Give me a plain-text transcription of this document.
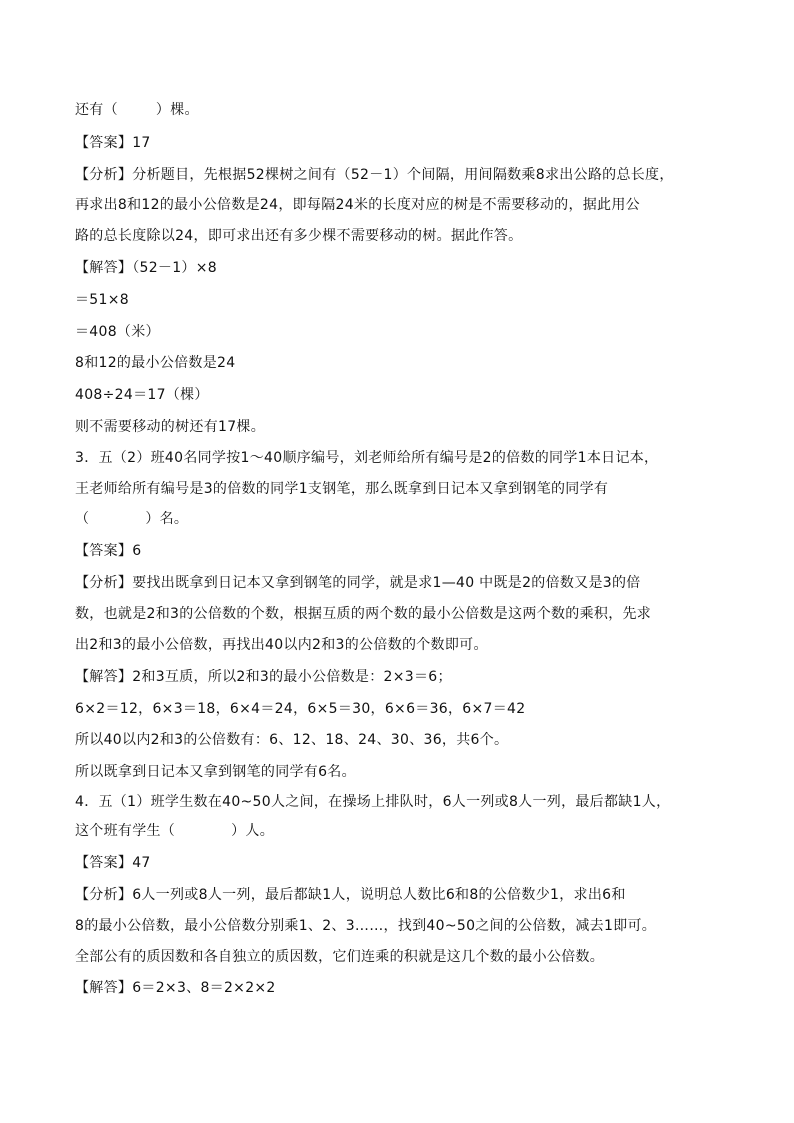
还有（	）棵。
【答案】17
【分析】分析题目，先根据52棵树之间有（52－1）个间隔，用间隔数乘8求出公路的总长度，
再求出8和12的最小公倍数是24，即每隔24米的长度对应的树是不需要移动的，据此用公
路的总长度除以24，即可求出还有多少棵不需要移动的树。据此作答。
【解答】（52－1）×8
＝51×8
＝408（米）
8和12的最小公倍数是24
408÷24＝17（棵）
则不需要移动的树还有17棵。
3．五（2）班40名同学按1～40顺序编号，刘老师给所有编号是2的倍数的同学1本日记本，
王老师给所有编号是3的倍数的同学1支钢笔，那么既拿到日记本又拿到钢笔的同学有
（	）名。
【答案】6
【分析】要找出既拿到日记本又拿到钢笔的同学，就是求1—40 中既是2的倍数又是3的倍
数，也就是2和3的公倍数的个数，根据互质的两个数的最小公倍数是这两个数的乘积，先求
出2和3的最小公倍数，再找出40以内2和3的公倍数的个数即可。
【解答】2和3互质，所以2和3的最小公倍数是：2×3＝6；
6×2＝12，6×3＝18，6×4＝24，6×5＝30，6×6＝36，6×7＝42
所以40以内2和3的公倍数有：6、12、18、24、30、36，共6个。
所以既拿到日记本又拿到钢笔的同学有6名。
4．五（1）班学生数在40~50人之间，在操场上排队时，6人一列或8人一列，最后都缺1人，
这个班有学生（	）人。
【答案】47
【分析】6人一列或8人一列，最后都缺1人，说明总人数比6和8的公倍数少1，求出6和
8的最小公倍数，最小公倍数分别乘1、2、3……，找到40~50之间的公倍数，减去1即可。
全部公有的质因数和各自独立的质因数，它们连乘的积就是这几个数的最小公倍数。
【解答】6＝2×3、8＝2×2×2
